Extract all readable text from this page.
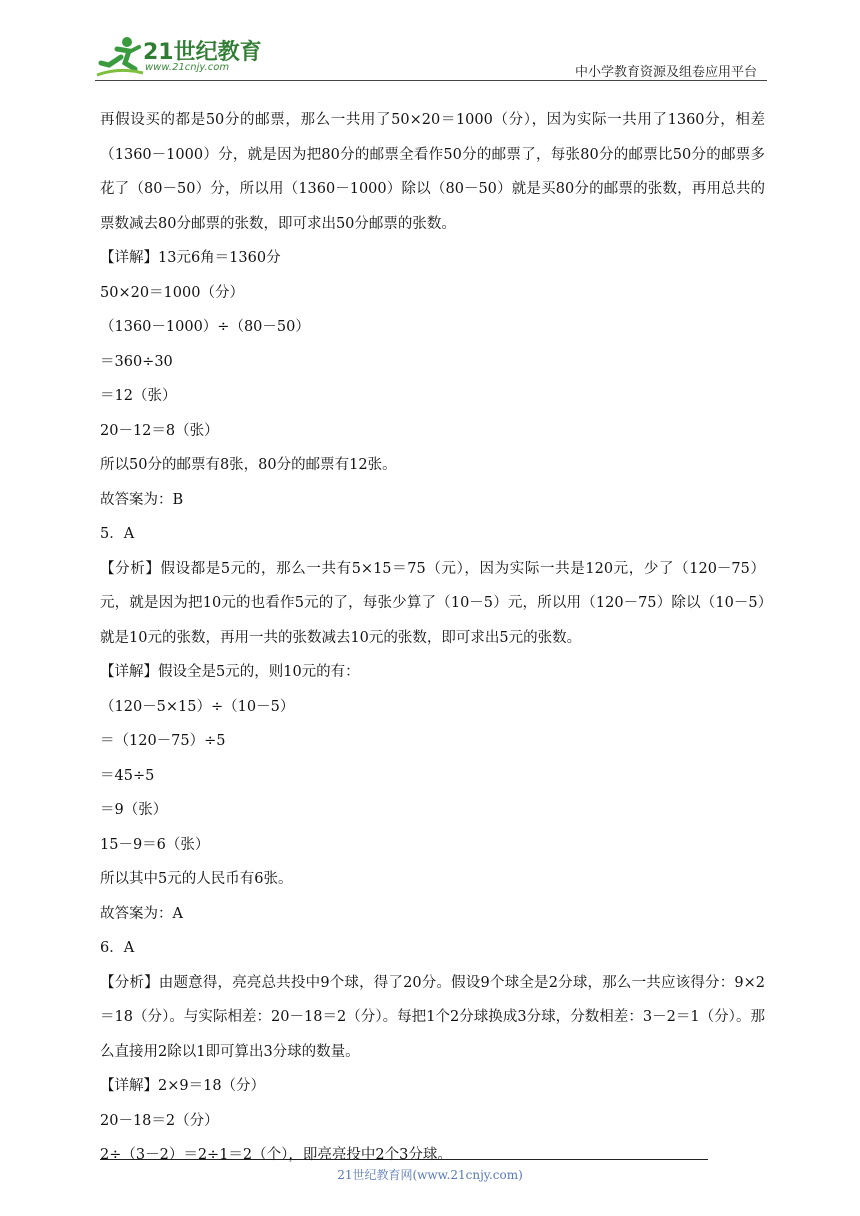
21世纪教育
www.21cnjy.com	中小学教育资源及组卷应用平台

再假设买的都是50分的邮票，那么一共用了50×20＝1000（分），因为实际一共用了1360分，相差（1360－1000）分，就是因为把80分的邮票全看作50分的邮票了，每张80分的邮票比50分的邮票多花了（80－50）分，所以用（1360－1000）除以（80－50）就是买80分的邮票的张数，再用总共的票数减去80分邮票的张数，即可求出50分邮票的张数。

【详解】13元6角＝1360分

50×20＝1000（分）

（1360－1000）÷（80－50）

＝360÷30

＝12（张）

20－12＝8（张）

所以50分的邮票有8张，80分的邮票有12张。

故答案为：B

5．A

【分析】假设都是5元的，那么一共有5×15＝75（元），因为实际一共是120元，少了（120－75）元，就是因为把10元的也看作5元的了，每张少算了（10－5）元，所以用（120－75）除以（10－5）就是10元的张数，再用一共的张数减去10元的张数，即可求出5元的张数。

【详解】假设全是5元的，则10元的有：

（120－5×15）÷（10－5）

＝（120－75）÷5

＝45÷5

＝9（张）

15－9＝6（张）

所以其中5元的人民币有6张。

故答案为：A

6．A

【分析】由题意得，亮亮总共投中9个球，得了20分。假设9个球全是2分球，那么一共应该得分：9×2＝18（分）。与实际相差：20－18＝2（分）。每把1个2分球换成3分球，分数相差：3－2＝1（分）。那么直接用2除以1即可算出3分球的数量。

【详解】2×9＝18（分）

20－18＝2（分）

2÷（3－2）＝2÷1＝2（个），即亮亮投中2个3分球。

21世纪教育网(www.21cnjy.com)
